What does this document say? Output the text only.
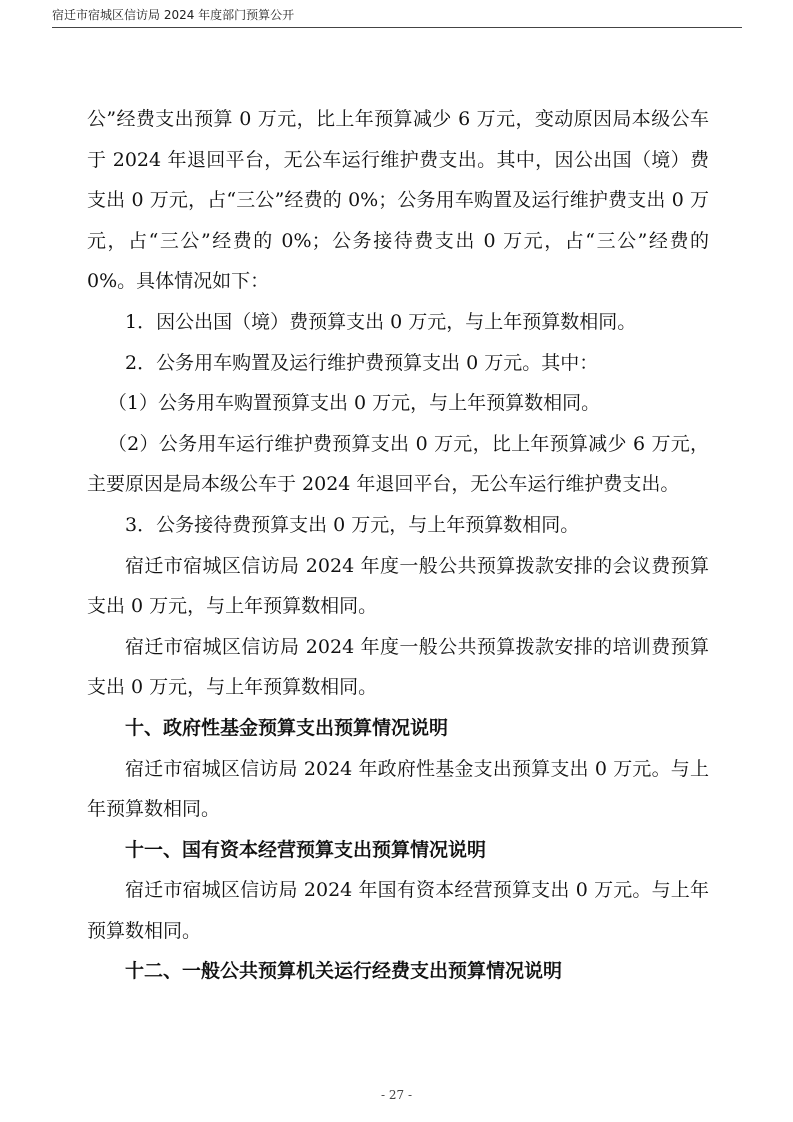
宿迁市宿城区信访局 2024 年度部门预算公开

公”经费支出预算 0 万元，比上年预算减少 6 万元，变动原因局本级公车于 2024 年退回平台，无公车运行维护费支出。其中，因公出国（境）费支出 0 万元，占“三公”经费的 0%；公务用车购置及运行维护费支出 0 万元，占“三公”经费的 0%；公务接待费支出 0 万元，占“三公”经费的 0%。具体情况如下：

1．因公出国（境）费预算支出 0 万元，与上年预算数相同。

2．公务用车购置及运行维护费预算支出 0 万元。其中：

（1）公务用车购置预算支出 0 万元，与上年预算数相同。

（2）公务用车运行维护费预算支出 0 万元，比上年预算减少 6 万元，主要原因是局本级公车于 2024 年退回平台，无公车运行维护费支出。

3．公务接待费预算支出 0 万元，与上年预算数相同。

宿迁市宿城区信访局 2024 年度一般公共预算拨款安排的会议费预算支出 0 万元，与上年预算数相同。

宿迁市宿城区信访局 2024 年度一般公共预算拨款安排的培训费预算支出 0 万元，与上年预算数相同。

十、政府性基金预算支出预算情况说明

宿迁市宿城区信访局 2024 年政府性基金支出预算支出 0 万元。与上年预算数相同。

十一、国有资本经营预算支出预算情况说明

宿迁市宿城区信访局 2024 年国有资本经营预算支出 0 万元。与上年预算数相同。

十二、一般公共预算机关运行经费支出预算情况说明

- 27 -
